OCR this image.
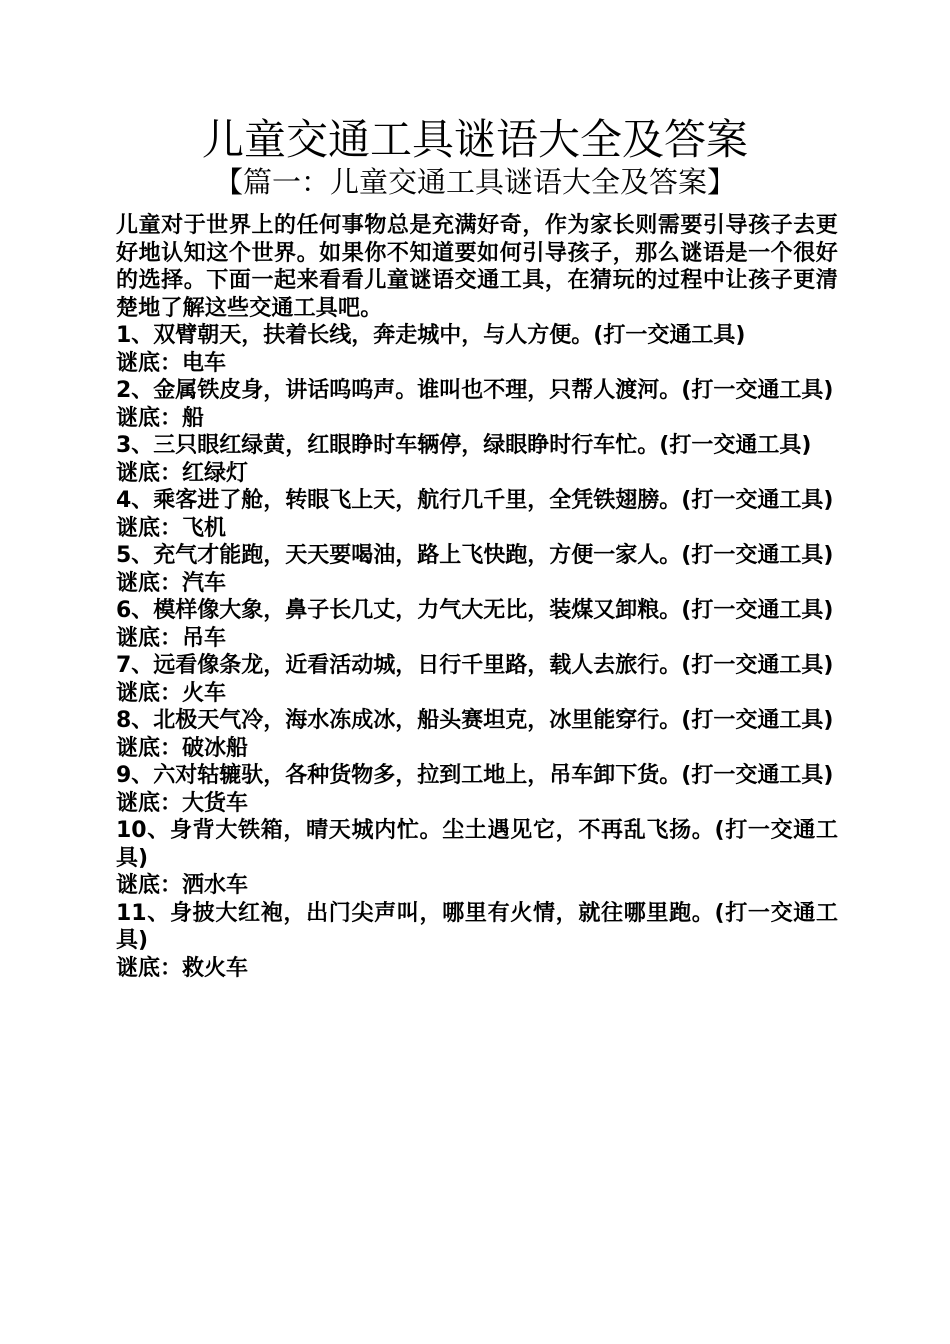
儿童交通工具谜语大全及答案
【篇一：儿童交通工具谜语大全及答案】

儿童对于世界上的任何事物总是充满好奇，作为家长则需要引导孩子去更好地认知这个世界。如果你不知道要如何引导孩子，那么谜语是一个很好的选择。下面一起来看看儿童谜语交通工具，在猜玩的过程中让孩子更清楚地了解这些交通工具吧。

1、双臂朝天，扶着长线，奔走城中，与人方便。(打一交通工具)

谜底：电车

2、金属铁皮身，讲话呜呜声。谁叫也不理，只帮人渡河。(打一交通工具)

谜底：船

3、三只眼红绿黄，红眼睁时车辆停，绿眼睁时行车忙。(打一交通工具)

谜底：红绿灯

4、乘客进了舱，转眼飞上天，航行几千里，全凭铁翅膀。(打一交通工具)

谜底：飞机

5、充气才能跑，天天要喝油，路上飞快跑，方便一家人。(打一交通工具)

谜底：汽车

6、模样像大象，鼻子长几丈，力气大无比，装煤又卸粮。(打一交通工具)

谜底：吊车

7、远看像条龙，近看活动城，日行千里路，载人去旅行。(打一交通工具)

谜底：火车

8、北极天气冷，海水冻成冰，船头赛坦克，冰里能穿行。(打一交通工具)

谜底：破冰船

9、六对轱辘驮，各种货物多，拉到工地上，吊车卸下货。(打一交通工具)

谜底：大货车

10、身背大铁箱，晴天城内忙。尘土遇见它，不再乱飞扬。(打一交通工具)

谜底：洒水车

11、身披大红袍，出门尖声叫，哪里有火情，就往哪里跑。(打一交通工具)

谜底：救火车
